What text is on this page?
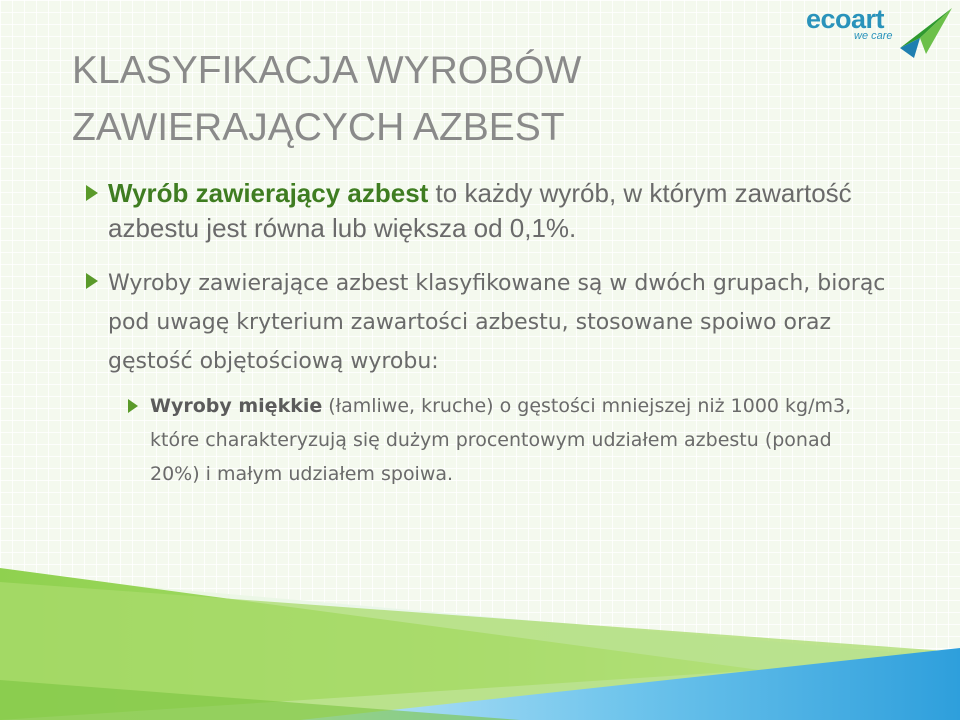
ecoart
we care
KLASYFIKACJA WYROBÓW
ZAWIERAJĄCYCH AZBEST

Wyrób zawierający azbest to każdy wyrób, w którym zawartość azbestu jest równa lub większa od 0,1%.

Wyroby zawierające azbest klasyfikowane są w dwóch grupach, biorąc pod uwagę kryterium zawartości azbestu, stosowane spoiwo oraz gęstość objętościową wyrobu:

Wyroby miękkie (łamliwe, kruche) o gęstości mniejszej niż 1000 kg/m3, które charakteryzują się dużym procentowym udziałem azbestu (ponad 20%) i małym udziałem spoiwa.
